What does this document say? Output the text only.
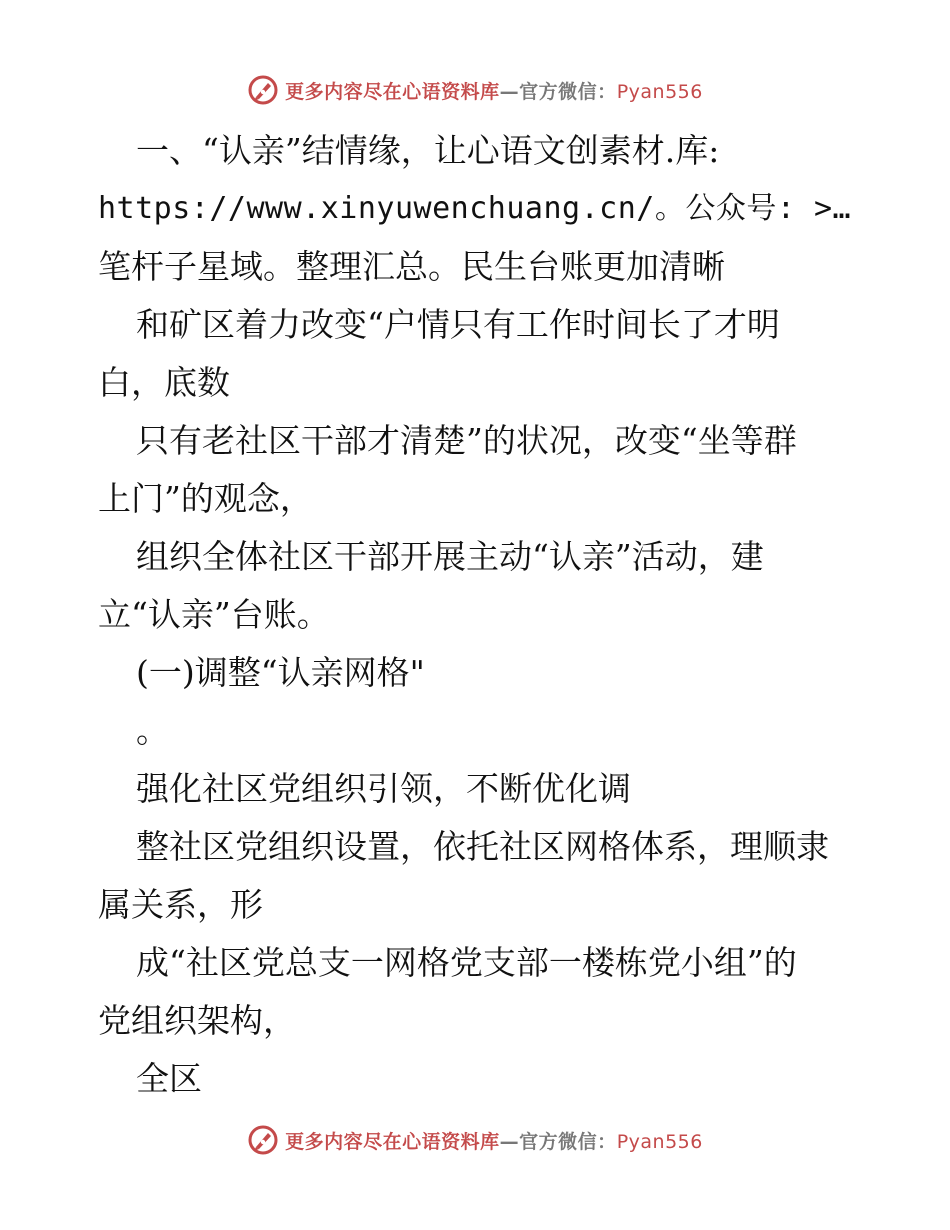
更多内容尽在心语资料库—官方微信：Pyan556
一、“认亲”结情缘，让心语文创素材.库:
https://www.xinyuwenchuang.cn/。公众号: >…
笔杆子星域。整理汇总。民生台账更加清晰
和矿区着力改变“户情只有工作时间长了才明
白，底数
只有老社区干部才清楚”的状况，改变“坐等群
上门”的观念，
组织全体社区干部开展主动“认亲”活动，建
立“认亲”台账。
(一)调整“认亲网格"
。
强化社区党组织引领，不断优化调
整社区党组织设置，依托社区网格体系，理顺隶
属关系，形
成“社区党总支一网格党支部一楼栋党小组”的
党组织架构，
全区
更多内容尽在心语资料库—官方微信：Pyan556
